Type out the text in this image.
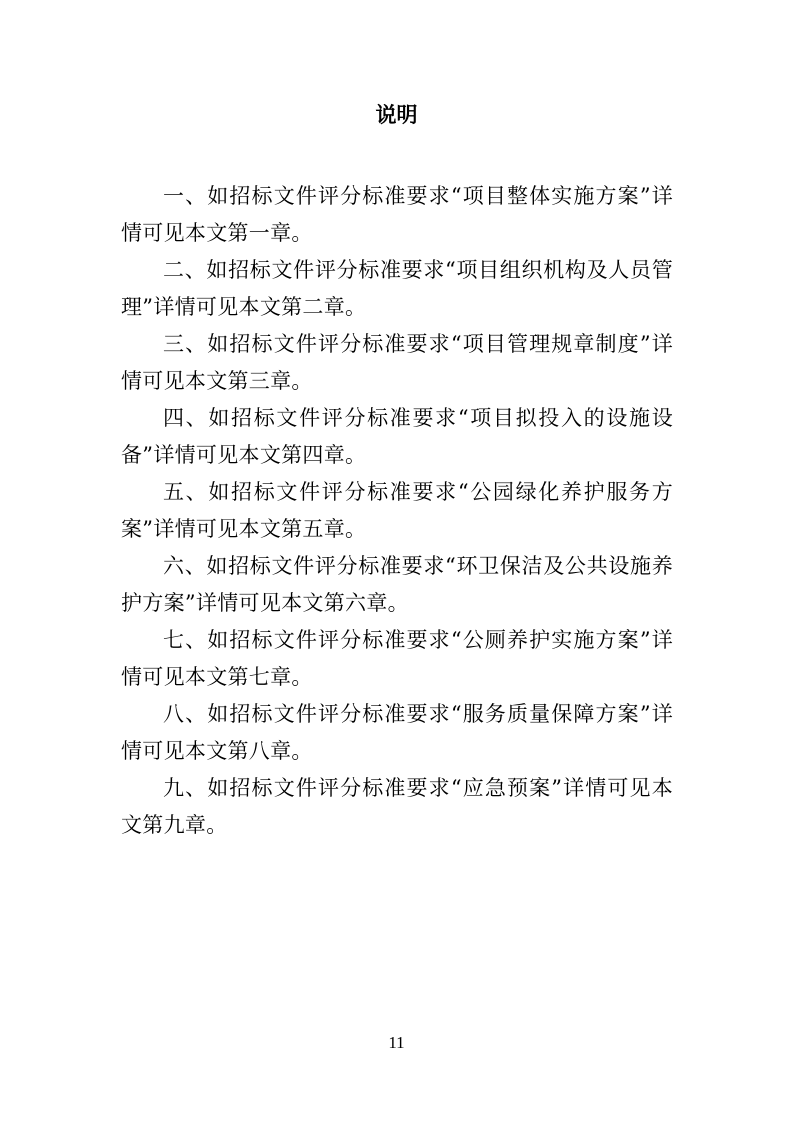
说明

一、如招标文件评分标准要求“项目整体实施方案”详情可见本文第一章。

二、如招标文件评分标准要求“项目组织机构及人员管理”详情可见本文第二章。

三、如招标文件评分标准要求“项目管理规章制度”详情可见本文第三章。

四、如招标文件评分标准要求“项目拟投入的设施设备”详情可见本文第四章。

五、如招标文件评分标准要求“公园绿化养护服务方案”详情可见本文第五章。

六、如招标文件评分标准要求“环卫保洁及公共设施养护方案”详情可见本文第六章。

七、如招标文件评分标准要求“公厕养护实施方案”详情可见本文第七章。

八、如招标文件评分标准要求“服务质量保障方案”详情可见本文第八章。

九、如招标文件评分标准要求“应急预案”详情可见本文第九章。

11
